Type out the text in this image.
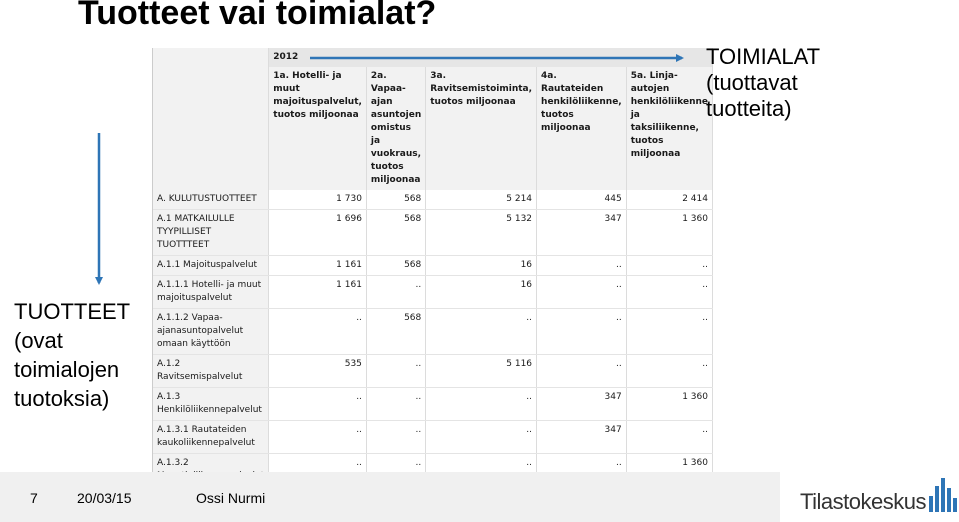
Tuotteet vai toimialat?
	2012				
	1a. Hotelli- ja muut majoituspalvelut, tuotos miljoonaa	2a. Vapaa-ajan asuntojen omistus ja vuokraus, tuotos miljoonaa	3a. Ravitsemistoiminta, tuotos miljoonaa	4a. Rautateiden henkilöliikenne, tuotos miljoonaa	5a. Linja-autojen henkilöliikenne ja taksiliikenne, tuotos miljoonaa
A. KULUTUSTUOTTEET	1 730	568	5 214	445	2 414
A.1 MATKAILULLE TYYPILLISET TUOTTTEET	1 696	568	5 132	347	1 360
A.1.1 Majoituspalvelut	1 161	568	16	..	..
A.1.1.1 Hotelli- ja muut majoituspalvelut	1 161	..	16	..	..
A.1.1.2 Vapaa-ajanasuntopalvelut omaan käyttöön	..	568	..	..	..
A.1.2 Ravitsemispalvelut	535	..	5 116	..	..
A.1.3 Henkilöliikennepalvelut	..	..	..	347	1 360
A.1.3.1 Rautateiden kaukoliikennepalvelut	..	..	..	347	..
A.1.3.2	..	..	..	..	1 360
TOIMIALAT
(tuottavat
tuotteita)
TUOTTEET
(ovat
toimialojen
tuotoksia)
7	20/03/15	Ossi Nurmi	Tilastokeskus
